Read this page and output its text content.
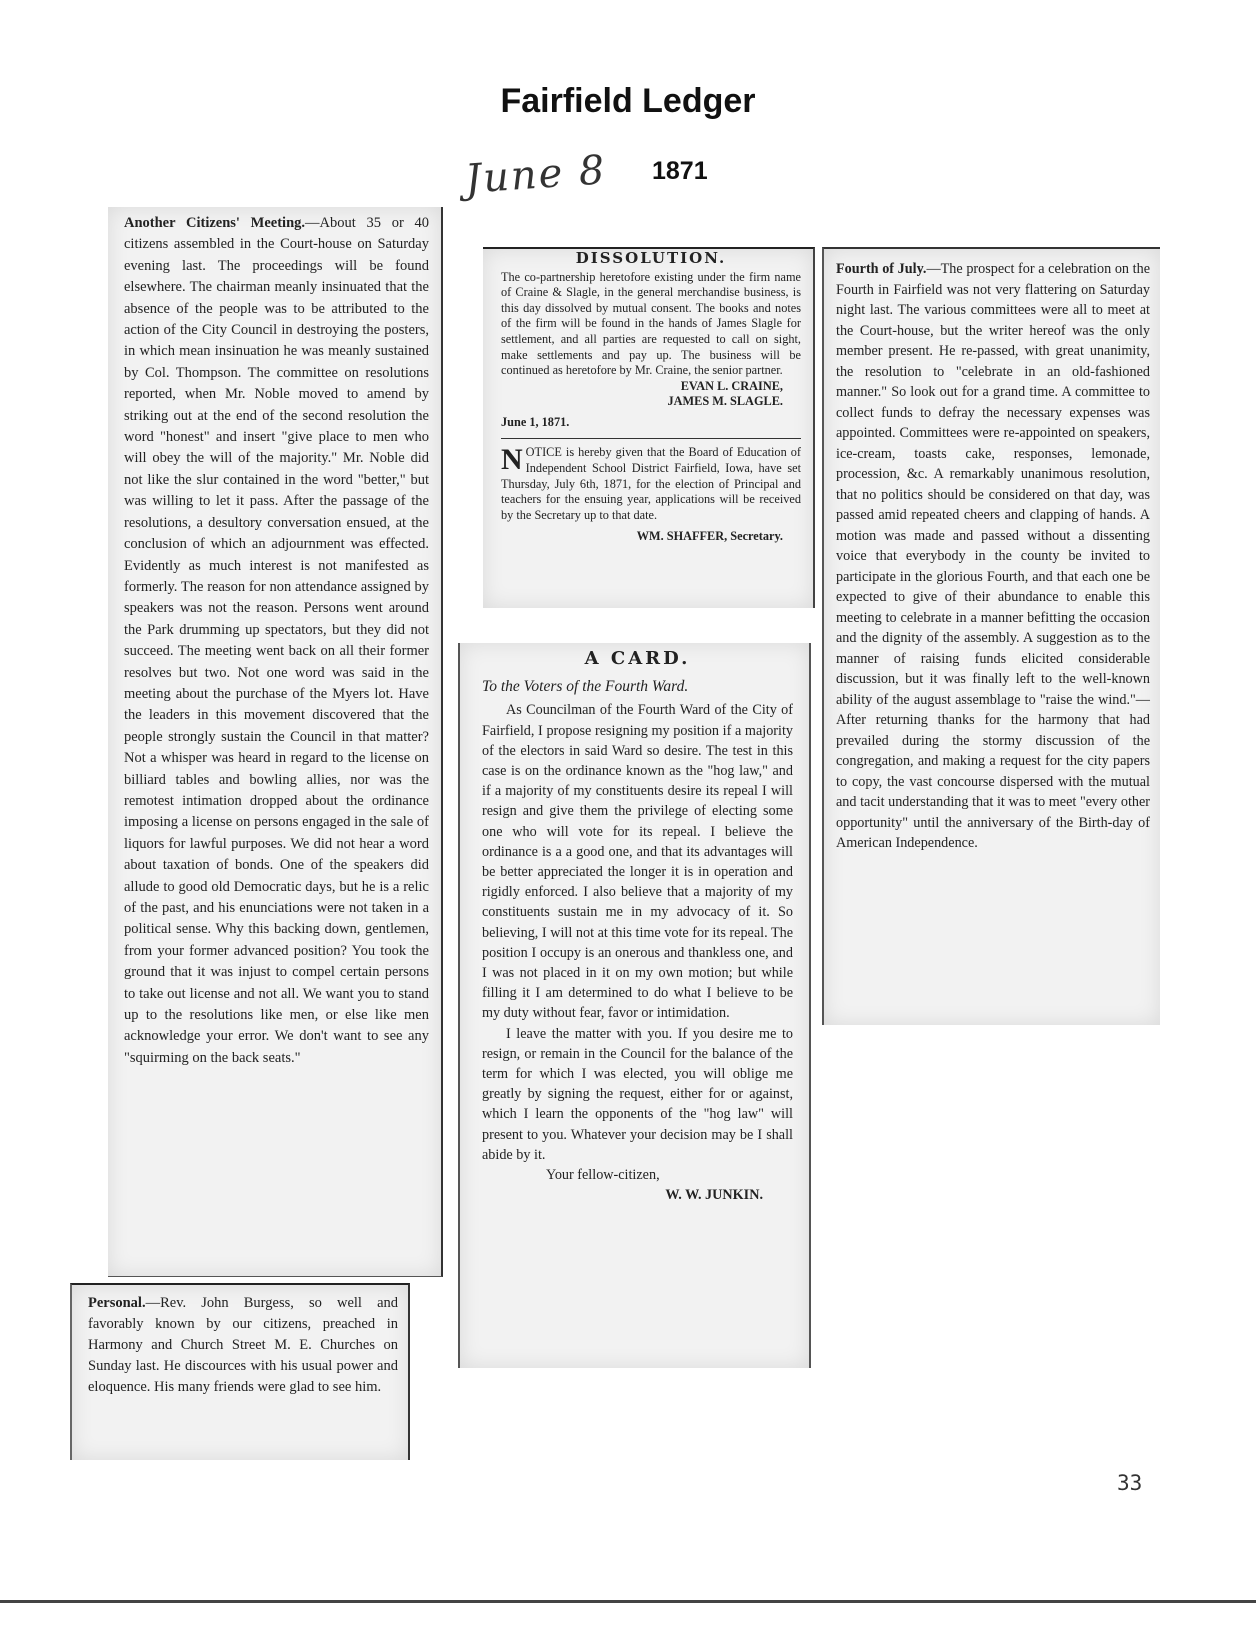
Fairfield Ledger
June 8 1871

Another Citizens' Meeting.—About 35 or 40 citizens assembled in the Court-house on Saturday evening last. The proceedings will be found elsewhere. The chairman meanly insinuated that the absence of the people was to be attributed to the action of the City Council in destroying the posters, in which mean insinuation he was meanly sustained by Col. Thompson. The committee on resolutions reported, when Mr. Noble moved to amend by striking out at the end of the second resolution the word "honest" and insert "give place to men who will obey the will of the majority." Mr. Noble did not like the slur contained in the word "better," but was willing to let it pass. After the passage of the resolutions, a desultory conversation ensued, at the conclusion of which an adjournment was effected. Evidently as much interest is not manifested as formerly. The reason for non attendance assigned by speakers was not the reason. Persons went around the Park drumming up spectators, but they did not succeed. The meeting went back on all their former resolves but two. Not one word was said in the meeting about the purchase of the Myers lot. Have the leaders in this movement discovered that the people strongly sustain the Council in that matter? Not a whisper was heard in regard to the license on billiard tables and bowling allies, nor was the remotest intimation dropped about the ordinance imposing a license on persons engaged in the sale of liquors for lawful purposes. We did not hear a word about taxation of bonds. One of the speakers did allude to good old Democratic days, but he is a relic of the past, and his enunciations were not taken in a political sense. Why this backing down, gentlemen, from your former advanced position? You took the ground that it was injust to compel certain persons to take out license and not all. We want you to stand up to the resolutions like men, or else like men acknowledge your error. We don't want to see any "squirming on the back seats."

Personal.—Rev. John Burgess, so well and favorably known by our citizens, preached in Harmony and Church Street M. E. Churches on Sunday last. He discources with his usual power and eloquence. His many friends were glad to see him.

DISSOLUTION.

The co-partnership heretofore existing under the firm name of Craine & Slagle, in the general merchandise business, is this day dissolved by mutual consent. The books and notes of the firm will be found in the hands of James Slagle for settlement, and all parties are requested to call on sight, make settlements and pay up. The business will be continued as heretofore by Mr. Craine, the senior partner.

EVAN L. CRAINE,
JAMES M. SLAGLE.
June 1, 1871.

NOTICE is hereby given that the Board of Education of Independent School District Fairfield, Iowa, have set Thursday, July 6th, 1871, for the election of Principal and teachers for the ensuing year, applications will be received by the Secretary up to that date.

WM. SHAFFER, Secretary.
A CARD.
To the Voters of the Fourth Ward.

As Councilman of the Fourth Ward of the City of Fairfield, I propose resigning my position if a majority of the electors in said Ward so desire. The test in this case is on the ordinance known as the "hog law," and if a majority of my constituents desire its repeal I will resign and give them the privilege of electing some one who will vote for its repeal. I believe the ordinance is a a good one, and that its advantages will be better appreciated the longer it is in operation and rigidly enforced. I also believe that a majority of my constituents sustain me in my advocacy of it. So believing, I will not at this time vote for its repeal. The position I occupy is an onerous and thankless one, and I was not placed in it on my own motion; but while filling it I am determined to do what I believe to be my duty without fear, favor or intimidation.

I leave the matter with you. If you desire me to resign, or remain in the Council for the balance of the term for which I was elected, you will oblige me greatly by signing the request, either for or against, which I learn the opponents of the "hog law" will present to you. Whatever your decision may be I shall abide by it.

Your fellow-citizen,

W. W. JUNKIN.

Fourth of July.—The prospect for a celebration on the Fourth in Fairfield was not very flattering on Saturday night last. The various committees were all to meet at the Court-house, but the writer hereof was the only member present. He re-passed, with great unanimity, the resolution to "celebrate in an old-fashioned manner." So look out for a grand time. A committee to collect funds to defray the necessary expenses was appointed. Committees were re-appointed on speakers, ice-cream, toasts cake, responses, lemonade, procession, &c. A remarkably unanimous resolution, that no politics should be considered on that day, was passed amid repeated cheers and clapping of hands. A motion was made and passed without a dissenting voice that everybody in the county be invited to participate in the glorious Fourth, and that each one be expected to give of their abundance to enable this meeting to celebrate in a manner befitting the occasion and the dignity of the assembly. A suggestion as to the manner of raising funds elicited considerable discussion, but it was finally left to the well-known ability of the august assemblage to "raise the wind."—After returning thanks for the harmony that had prevailed during the stormy discussion of the congregation, and making a request for the city papers to copy, the vast concourse dispersed with the mutual and tacit understanding that it was to meet "every other opportunity" until the anniversary of the Birth-day of American Independence.

33
